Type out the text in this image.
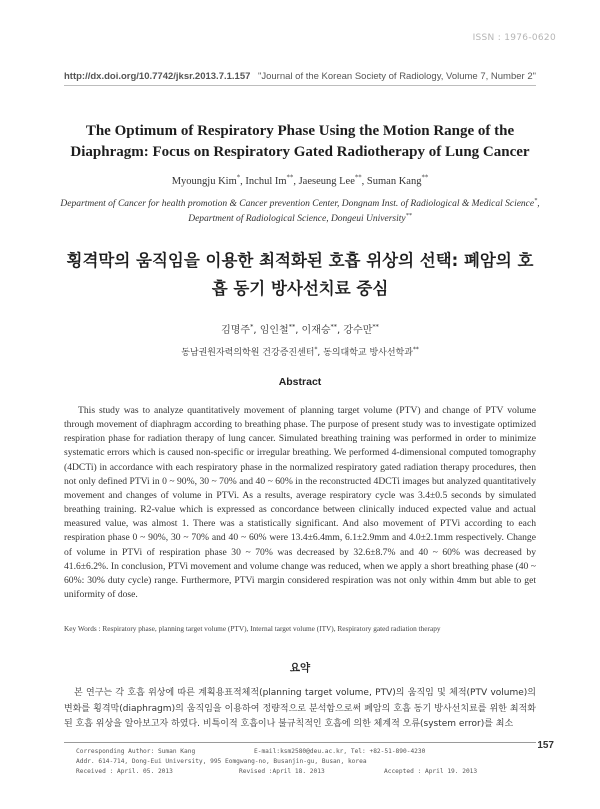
ISSN : 1976-0620
http://dx.doi.org/10.7742/jksr.2013.7.1.157 "Journal of the Korean Society of Radiology, Volume 7, Number 2"
The Optimum of Respiratory Phase Using the Motion Range of the
Diaphragm: Focus on Respiratory Gated Radiotherapy of Lung Cancer
Myoungju Kim*, Inchul Im**, Jaeseung Lee**, Suman Kang**
Department of Cancer for health promotion & Cancer prevention Center, Dongnam Inst. of Radiological & Medical Science*,
Department of Radiological Science, Dongeui University**
횡격막의 움직임을 이용한 최적화된 호흡 위상의 선택: 폐암의 호
흡 동기 방사선치료 중심
김명주*, 임인철**, 이재승**, 강수만**
동남권원자력의학원 건강증진센터*, 동의대학교 방사선학과**
Abstract
This study was to analyze quantitatively movement of planning target volume (PTV) and change of PTV volume through movement of diaphragm according to breathing phase. The purpose of present study was to investigate optimized respiration phase for radiation therapy of lung cancer. Simulated breathing training was performed in order to minimize systematic errors which is caused non-specific or irregular breathing. We performed 4-dimensional computed tomography (4DCTi) in accordance with each respiratory phase in the normalized respiratory gated radiation therapy procedures, then not only defined PTVi in 0 ~ 90%, 30 ~ 70% and 40 ~ 60% in the reconstructed 4DCTi images but analyzed quantitatively movement and changes of volume in PTVi. As a results, average respiratory cycle was 3.4±0.5 seconds by simulated breathing training. R2-value which is expressed as concordance between clinically induced expected value and actual measured value, was almost 1. There was a statistically significant. And also movement of PTVi according to each respiration phase 0 ~ 90%, 30 ~ 70% and 40 ~ 60% were 13.4±6.4mm, 6.1±2.9mm and 4.0±2.1mm respectively. Change of volume in PTVi of respiration phase 30 ~ 70% was decreased by 32.6±8.7% and 40 ~ 60% was decreased by 41.6±6.2%. In conclusion, PTVi movement and volume change was reduced, when we apply a short breathing phase (40 ~ 60%: 30% duty cycle) range. Furthermore, PTVi margin considered respiration was not only within 4mm but able to get uniformity of dose.
Key Words : Respiratory phase, planning target volume (PTV), Internal target volume (ITV), Respiratory gated radiation therapy
요약
본 연구는 각 호흡 위상에 따른 계획용표적체적(planning target volume, PTV)의 움직임 및 체적(PTV volume)의 변화를 횡격막(diaphragm)의 움직임을 이용하여 정량적으로 분석함으로써 폐암의 호흡 동기 방사선치료를 위한 최적화된 호흡 위상을 알아보고자 하였다. 비특이적 호흡이나 불규칙적인 호흡에 의한 체계적 오류(system error)를 최소
Corresponding Author: Suman Kang	E-mail:ksm2580@deu.ac.kr, Tel: +82-51-890-4230
Addr. 614-714, Dong-Eui University, 995 Eomgwang-no, Busanjin-gu, Busan, korea
Received : April. 05. 2013	Revised :April 18. 2013	Accepted : April 19. 2013
157
